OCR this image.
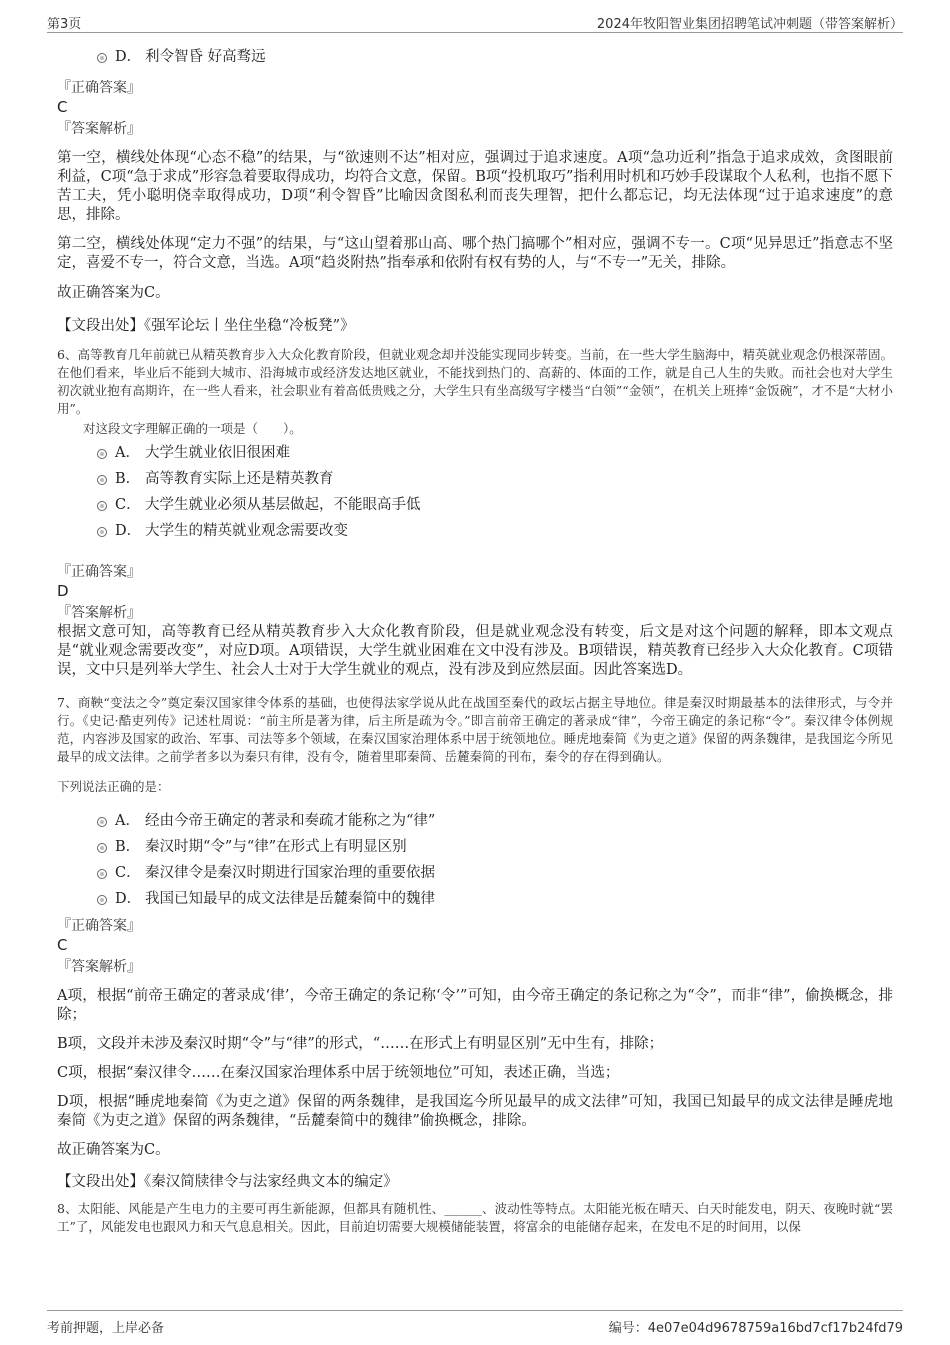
第3页	2024年牧阳智业集团招聘笔试冲刺题（带答案解析）
D． 利令智昏 好高骛远
『正确答案』
C
『答案解析』
第一空，横线处体现“心态不稳”的结果，与“欲速则不达”相对应，强调过于追求速度。A项“急功近利”指急于追求成效，贪图眼前利益，C项“急于求成”形容急着要取得成功，均符合文意，保留。B项“投机取巧”指利用时机和巧妙手段谋取个人私利，也指不愿下苦工夫，凭小聪明侥幸取得成功，D项“利令智昏”比喻因贪图私利而丧失理智，把什么都忘记，均无法体现“过于追求速度”的意思，排除。
第二空，横线处体现“定力不强”的结果，与“这山望着那山高、哪个热门搞哪个”相对应，强调不专一。C项“见异思迁”指意志不坚定，喜爱不专一，符合文意，当选。A项“趋炎附热”指奉承和依附有权有势的人，与“不专一”无关，排除。
故正确答案为C。
【文段出处】《强军论坛丨坐住坐稳“冷板凳”》
6、高等教育几年前就已从精英教育步入大众化教育阶段，但就业观念却并没能实现同步转变。当前，在一些大学生脑海中，精英就业观念仍根深蒂固。在他们看来，毕业后不能到大城市、沿海城市或经济发达地区就业，不能找到热门的、高薪的、体面的工作，就是自己人生的失败。而社会也对大学生初次就业抱有高期许，在一些人看来，社会职业有着高低贵贱之分，大学生只有坐高级写字楼当“白领”“金领”，在机关上班捧“金饭碗”，才不是“大材小用”。
对这段文字理解正确的一项是（　　）。
A． 大学生就业依旧很困难
B． 高等教育实际上还是精英教育
C． 大学生就业必须从基层做起，不能眼高手低
D． 大学生的精英就业观念需要改变
『正确答案』
D
『答案解析』
根据文意可知，高等教育已经从精英教育步入大众化教育阶段，但是就业观念没有转变，后文是对这个问题的解释，即本文观点是“就业观念需要改变”，对应D项。A项错误，大学生就业困难在文中没有涉及。B项错误，精英教育已经步入大众化教育。C项错误，文中只是列举大学生、社会人士对于大学生就业的观点，没有涉及到应然层面。因此答案选D。
7、商鞅“变法之令”奠定秦汉国家律令体系的基础，也使得法家学说从此在战国至秦代的政坛占据主导地位。律是秦汉时期最基本的法律形式，与令并行。《史记·酷吏列传》记述杜周说：“前主所是著为律，后主所是疏为令。”即言前帝王确定的著录成“律”，今帝王确定的条记称“令”。秦汉律令体例规范，内容涉及国家的政治、军事、司法等多个领域，在秦汉国家治理体系中居于统领地位。睡虎地秦简《为吏之道》保留的两条魏律，是我国迄今所见最早的成文法律。之前学者多以为秦只有律，没有令，随着里耶秦简、岳麓秦简的刊布，秦令的存在得到确认。
下列说法正确的是：
A． 经由今帝王确定的著录和奏疏才能称之为“律”
B． 秦汉时期“令”与“律”在形式上有明显区别
C． 秦汉律令是秦汉时期进行国家治理的重要依据
D． 我国已知最早的成文法律是岳麓秦简中的魏律
『正确答案』
C
『答案解析』
A项，根据“前帝王确定的著录成‘律’，今帝王确定的条记称‘令’”可知，由今帝王确定的条记称之为“令”，而非“律”，偷换概念，排除；
B项，文段并未涉及秦汉时期“令”与“律”的形式，“……在形式上有明显区别”无中生有，排除；
C项，根据“秦汉律令……在秦汉国家治理体系中居于统领地位”可知，表述正确，当选；
D项，根据“睡虎地秦简《为吏之道》保留的两条魏律，是我国迄今所见最早的成文法律”可知，我国已知最早的成文法律是睡虎地秦简《为吏之道》保留的两条魏律，“岳麓秦简中的魏律”偷换概念，排除。
故正确答案为C。
【文段出处】《秦汉简牍律令与法家经典文本的编定》
8、太阳能、风能是产生电力的主要可再生新能源，但都具有随机性、______、波动性等特点。太阳能光板在晴天、白天时能发电，阴天、夜晚时就“罢工”了，风能发电也跟风力和天气息息相关。因此，目前迫切需要大规模储能装置，将富余的电能储存起来，在发电不足的时间用，以保
考前押题，上岸必备	编号：4e07e04d9678759a16bd7cf17b24fd79
